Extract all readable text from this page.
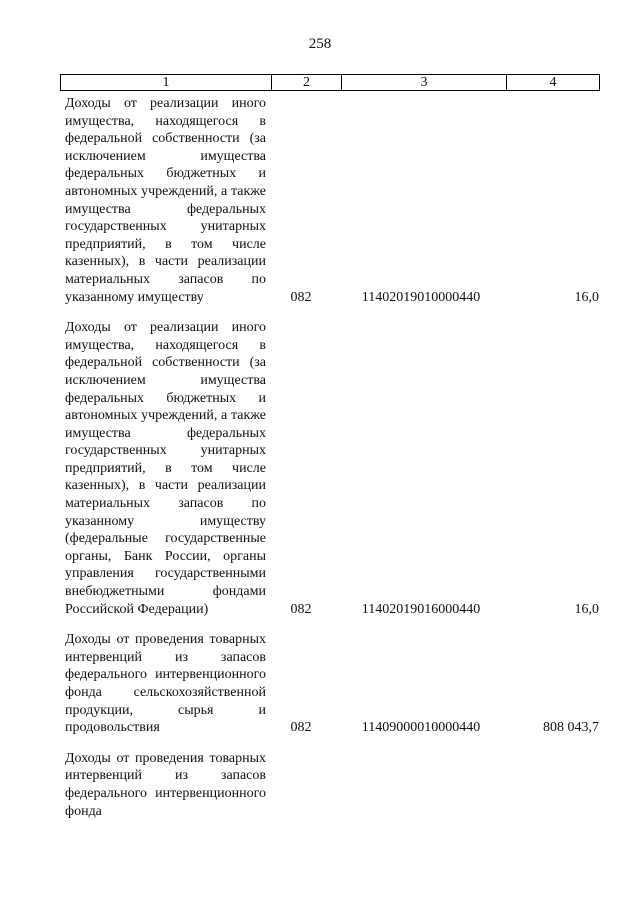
258
1	2	3	4
Доходы от реализации иного имущества, находящегося в федеральной собственности (за исключением имущества федеральных бюджетных и автономных учреждений, а также имущества федеральных государственных унитарных предприятий, в том числе казенных), в части реализации материальных запасов по указанному имуществу	082	11402019010000440	16,0
Доходы от реализации иного имущества, находящегося в федеральной собственности (за исключением имущества федеральных бюджетных и автономных учреждений, а также имущества федеральных государственных унитарных предприятий, в том числе казенных), в части реализации материальных запасов по указанному имуществу (федеральные государственные органы, Банк России, органы управления государственными внебюджетными фондами Российской Федерации)	082	11402019016000440	16,0
Доходы от проведения товарных интервенций из запасов федерального интервенционного фонда сельскохозяйственной продукции, сырья и продовольствия	082	11409000010000440	808 043,7
Доходы от проведения товарных интервенций из запасов федерального интервенционного фонда
